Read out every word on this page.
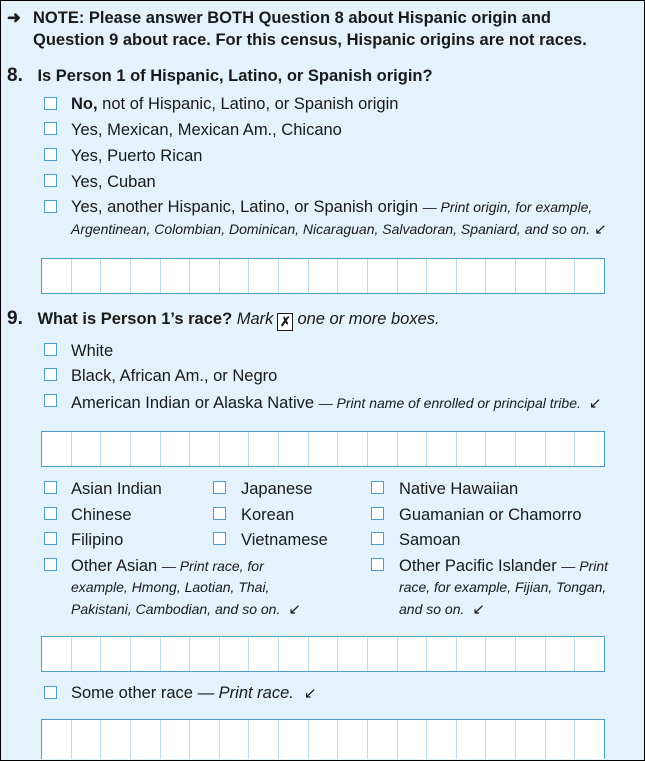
➜ NOTE: Please answer BOTH Question 8 about Hispanic origin and
Question 9 about race. For this census, Hispanic origins are not races.
8. Is Person 1 of Hispanic, Latino, or Spanish origin?
No, not of Hispanic, Latino, or Spanish origin
Yes, Mexican, Mexican Am., Chicano
Yes, Puerto Rican
Yes, Cuban
Yes, another Hispanic, Latino, or Spanish origin — Print origin, for example,
Argentinean, Colombian, Dominican, Nicaraguan, Salvadoran, Spaniard, and so on. ↙
9. What is Person 1’s race? Mark ✗ one or more boxes.
White
Black, African Am., or Negro
American Indian or Alaska Native — Print name of enrolled or principal tribe. ↙
Asian Indian
Chinese
Filipino
Other Asian — Print race, for
example, Hmong, Laotian, Thai,
Pakistani, Cambodian, and so on. ↙
Japanese
Korean
Vietnamese
Native Hawaiian
Guamanian or Chamorro
Samoan
Other Pacific Islander — Print
race, for example, Fijian, Tongan,
and so on. ↙
Some other race — Print race. ↙
